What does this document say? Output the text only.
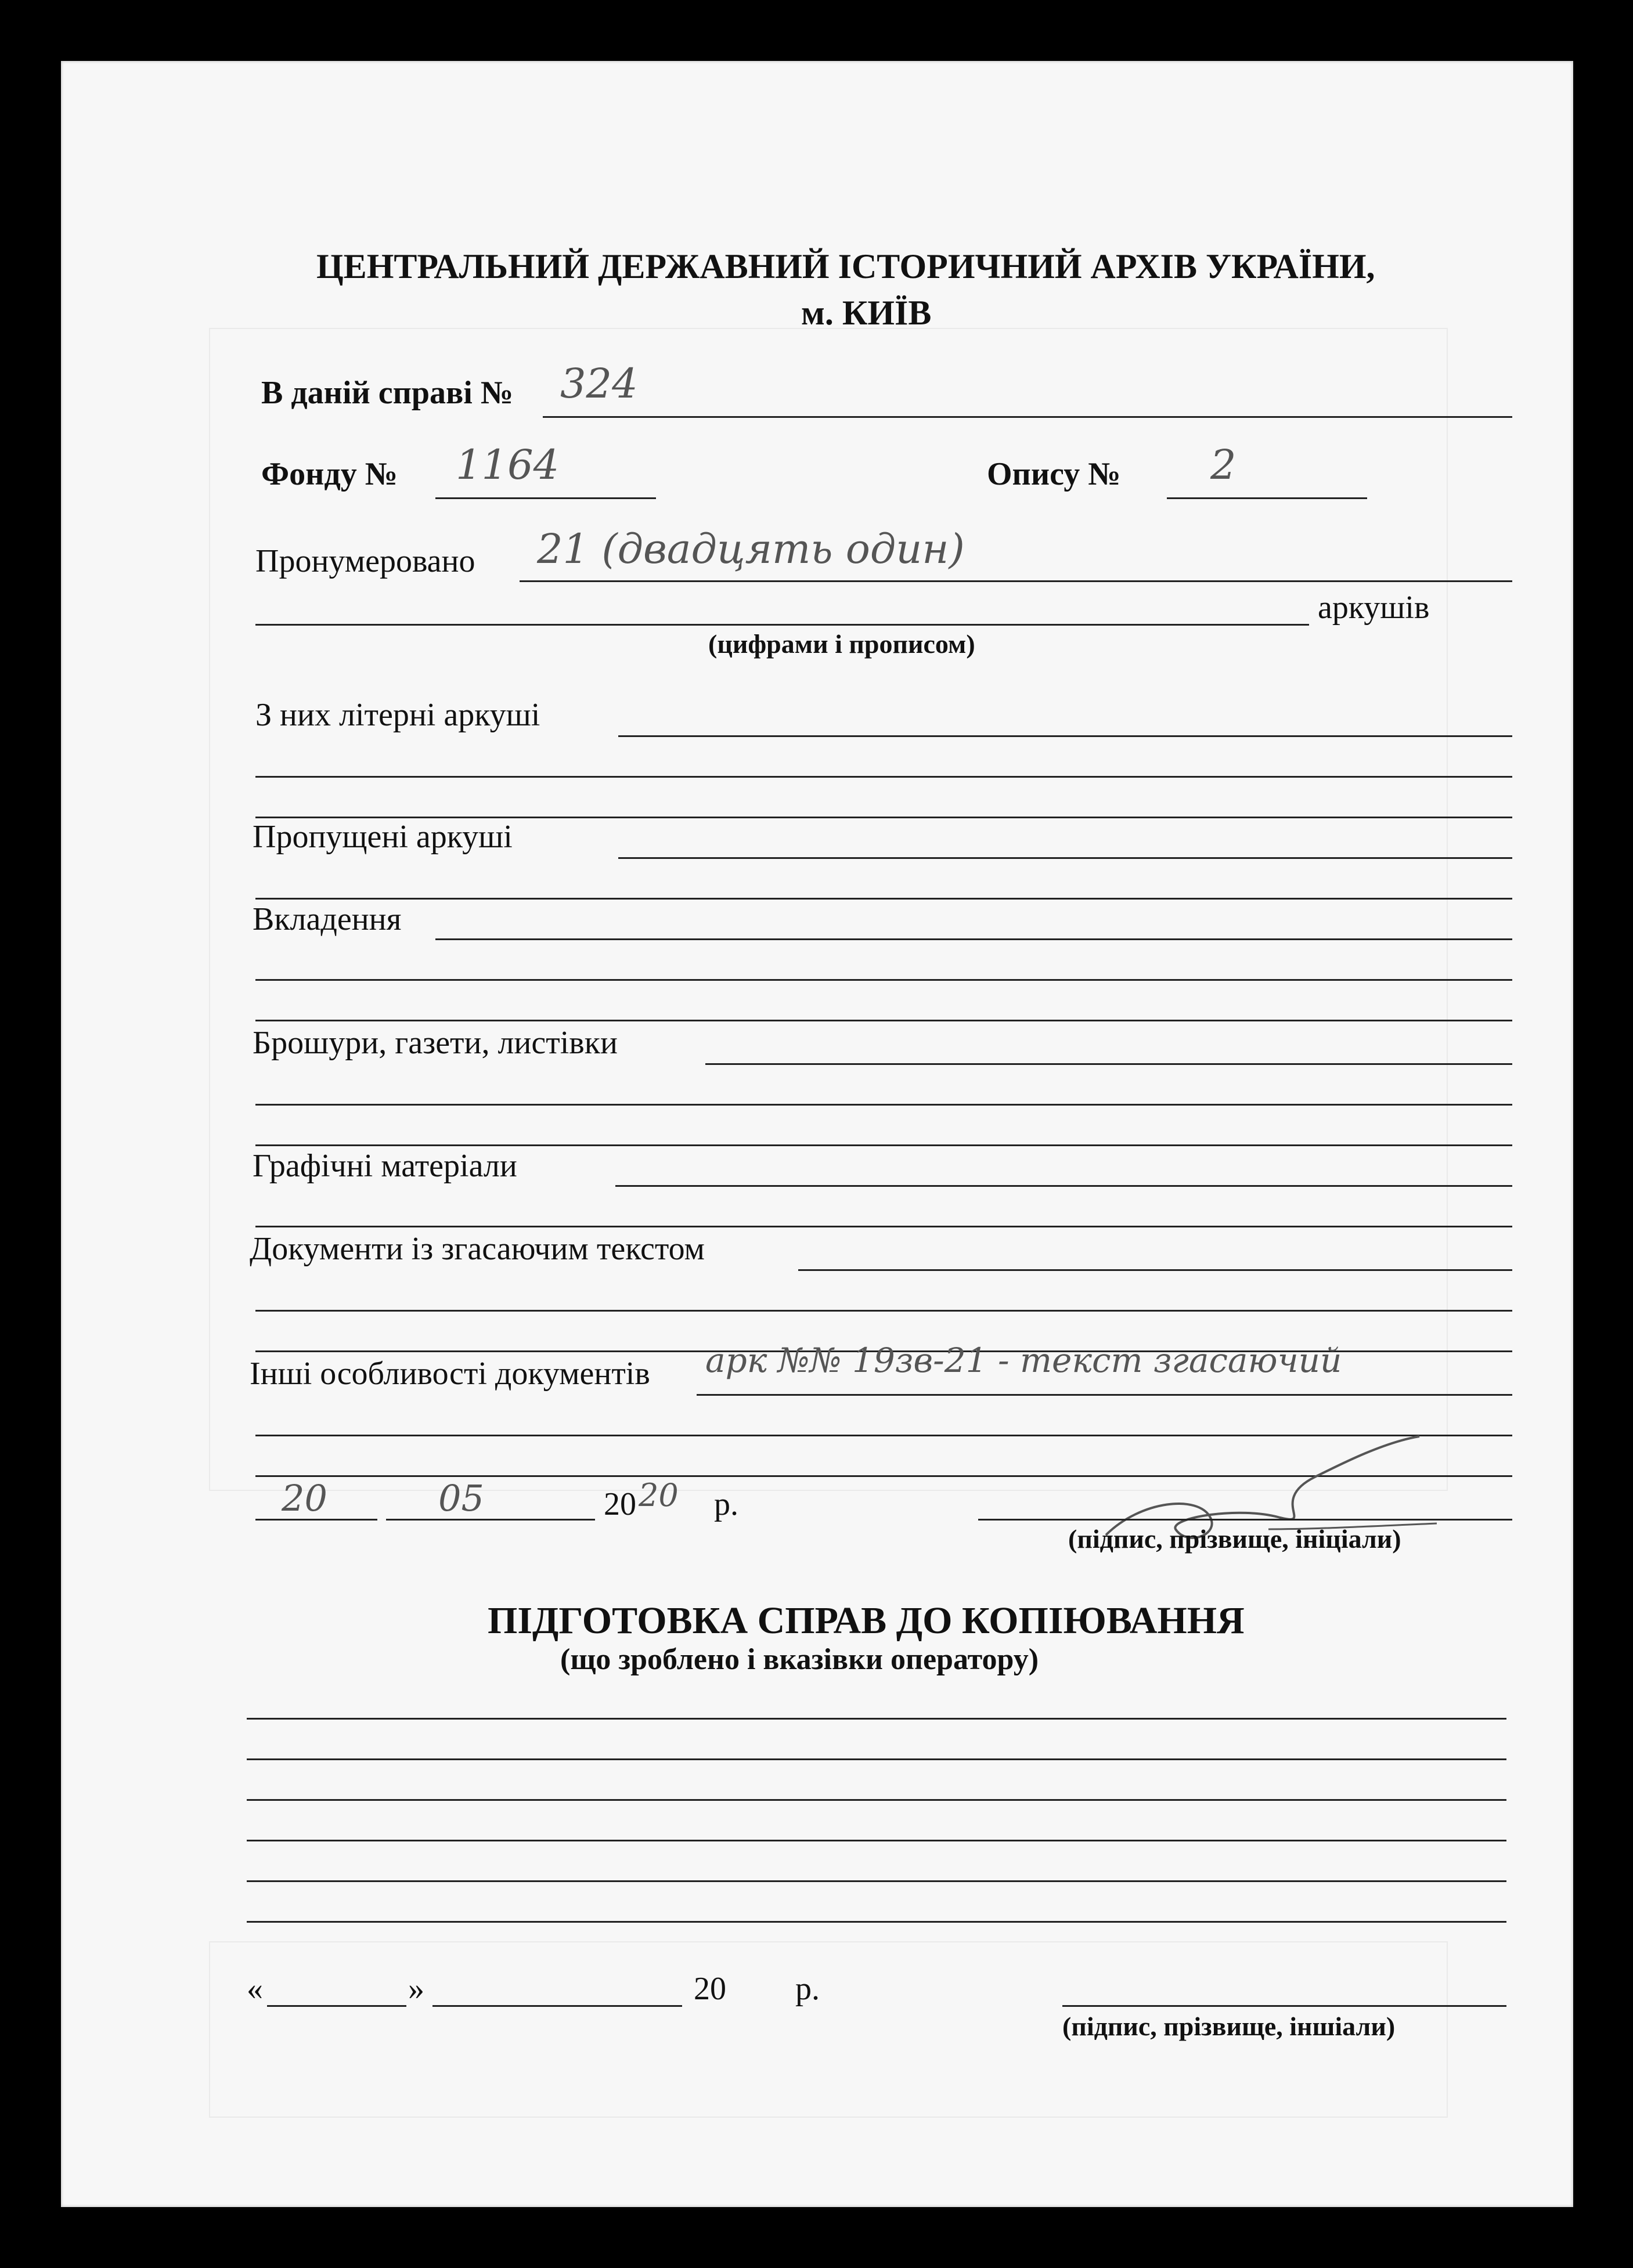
ЦЕНТРАЛЬНИЙ ДЕРЖАВНИЙ ІСТОРИЧНИЙ АРХІВ УКРАЇНИ,
м. КИЇВ
В даній справі № 324
Фонду № 1164	Опису № 2
Пронумеровано 21 (двадцять один)
аркушів
(цифрами і прописом)
З них літерні аркуші
Пропущені аркуші
Вкладення
Брошури, газети, листівки
Графічні матеріали
Документи із згасаючим текстом
Інші особливості документів арк №№ 19зв-21 - текст згасаючий
20	05	20 20 р.
(підпис, прізвище, ініціали)
ПІДГОТОВКА СПРАВ ДО КОПІЮВАННЯ
(що зроблено і вказівки оператору)
«	»	20 р.
(підпис, прізвище, іншіали)
